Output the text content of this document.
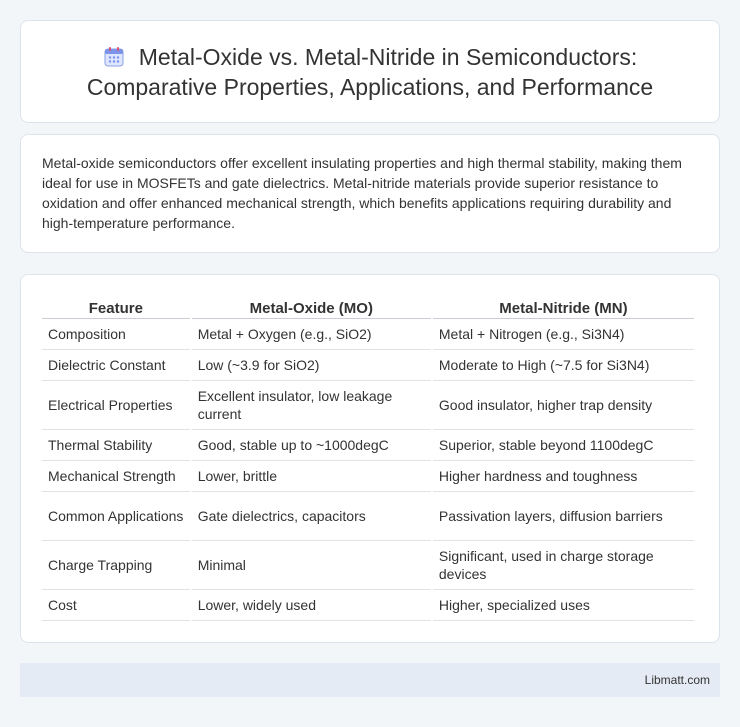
Metal-Oxide vs. Metal-Nitride in Semiconductors:
Comparative Properties, Applications, and Performance

Metal-oxide semiconductors offer excellent insulating properties and high thermal stability, making them ideal for use in MOSFETs and gate dielectrics. Metal-nitride materials provide superior resistance to oxidation and offer enhanced mechanical strength, which benefits applications requiring durability and high-temperature performance.

Feature	Metal-Oxide (MO)	Metal-Nitride (MN)
Composition	Metal + Oxygen (e.g., SiO2)	Metal + Nitrogen (e.g., Si3N4)
Dielectric Constant	Low (~3.9 for SiO2)	Moderate to High (~7.5 for Si3N4)
Electrical Properties	Excellent insulator, low leakage current	Good insulator, higher trap density
Thermal Stability	Good, stable up to ~1000degC	Superior, stable beyond 1100degC
Mechanical Strength	Lower, brittle	Higher hardness and toughness
Common Applications	Gate dielectrics, capacitors	Passivation layers, diffusion barriers
Charge Trapping	Minimal	Significant, used in charge storage devices
Cost	Lower, widely used	Higher, specialized uses
Libmatt.com
